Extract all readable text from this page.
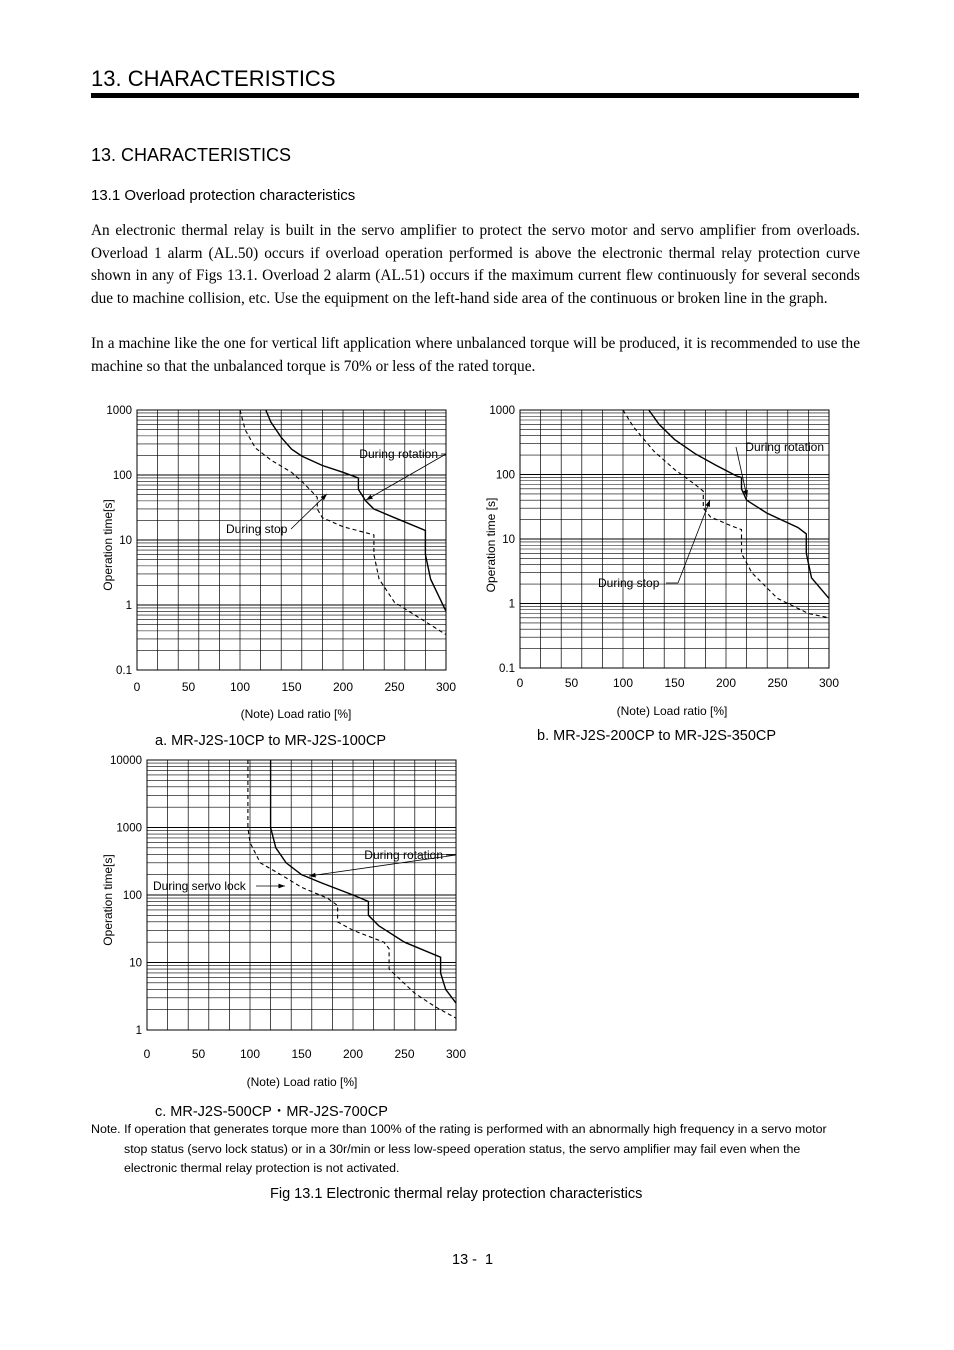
13. CHARACTERISTICS
13. CHARACTERISTICS
13.1 Overload protection characteristics

An electronic thermal relay is built in the servo amplifier to protect the servo motor and servo amplifier from overloads. Overload 1 alarm (AL.50) occurs if overload operation performed is above the electronic thermal relay protection curve shown in any of Figs 13.1. Overload 2 alarm (AL.51) occurs if the maximum current flew continuously for several seconds due to machine collision, etc. Use the equipment on the left-hand side area of the continuous or broken line in the graph.

In a machine like the one for vertical lift application where unbalanced torque will be produced, it is recommended to use the machine so that the unbalanced torque is 70% or less of the rated torque.

0	50	100	150	200	250	300
0.1
1
10
100
1000
(Note) Load ratio [%]
Operation time[s]
During rotation
During stop
a. MR-J2S-10CP to MR-J2S-100CP
0	50	100	150	200	250	300
0.1
1
10
100
1000
(Note) Load ratio [%]
Operation time [s]
During rotation
During stop
b. MR-J2S-200CP to MR-J2S-350CP
0	50	100	150	200	250	300
1
10
100
1000
10000
(Note) Load ratio [%]
Operation time[s]	During rotation
During servo lock
c. MR-J2S-500CP・MR-J2S-700CP

Note. If operation that generates torque more than 100% of the rating is performed with an abnormally high frequency in a servo motor

stop status (servo lock status) or in a 30r/min or less low-speed operation status, the servo amplifier may fail even when the

electronic thermal relay protection is not activated.

Fig 13.1 Electronic thermal relay protection characteristics
13 -  1
